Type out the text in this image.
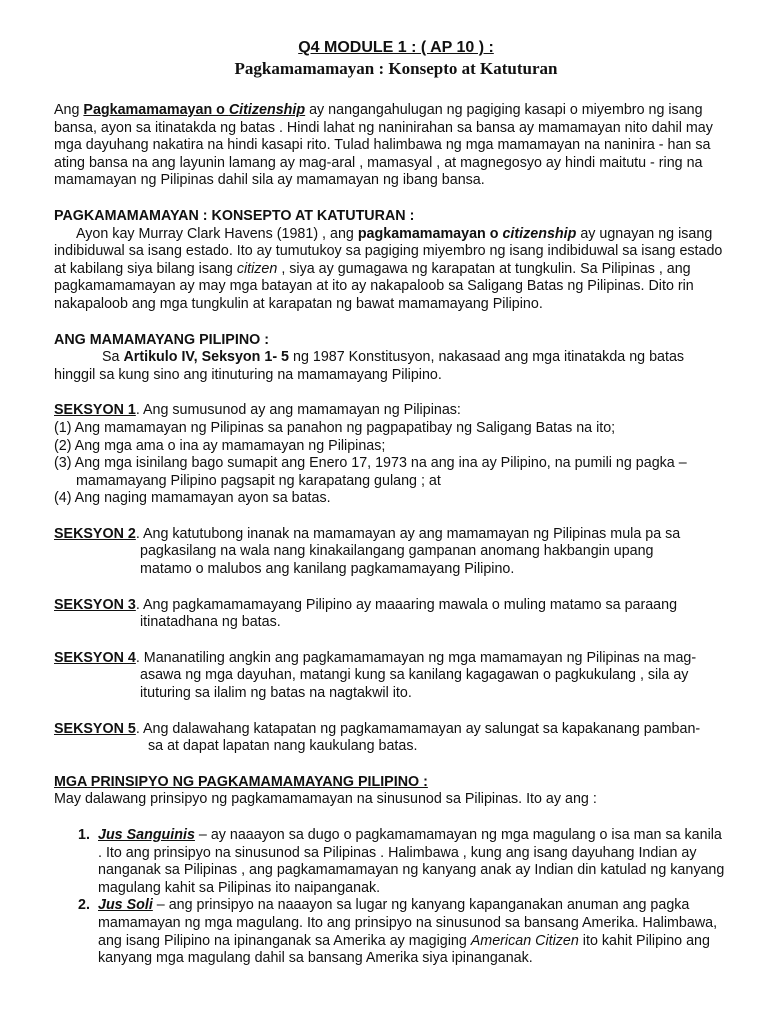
Q4 MODULE 1 : ( AP 10 ) :

Pagkamamamayan : Konsepto at Katuturan

Ang Pagkamamamayan o Citizenship ay nangangahulugan ng pagiging kasapi o miyembro ng isang bansa, ayon sa itinatakda ng batas . Hindi lahat ng naninirahan sa bansa ay mamamayan nito dahil may mga dayuhang nakatira na hindi kasapi rito. Tulad halimbawa ng mga mamamayan na naninira - han sa ating bansa na ang layunin lamang ay mag-aral , mamasyal , at magnegosyo ay hindi maitutu - ring na mamamayan ng Pilipinas dahil sila ay mamamayan ng ibang bansa.

PAGKAMAMAMAYAN : KONSEPTO AT KATUTURAN :

Ayon kay Murray Clark Havens (1981) , ang pagkamamamayan o citizenship ay ugnayan ng isang indibiduwal sa isang estado. Ito ay tumutukoy sa pagiging miyembro ng isang indibiduwal sa isang estado at kabilang siya bilang isang citizen , siya ay gumagawa ng karapatan at tungkulin. Sa Pilipinas , ang pagkamamamayan ay may mga batayan at ito ay nakapaloob sa Saligang Batas ng Pilipinas. Dito rin nakapaloob ang mga tungkulin at karapatan ng bawat mamamayang Pilipino.

ANG MAMAMAYANG PILIPINO :

Sa Artikulo IV, Seksyon 1- 5 ng 1987 Konstitusyon, nakasaad ang mga itinatakda ng batas hinggil sa kung sino ang itinuturing na mamamayang Pilipino.

SEKSYON 1. Ang sumusunod ay ang mamamayan ng Pilipinas:

(1) Ang mamamayan ng Pilipinas sa panahon ng pagpapatibay ng Saligang Batas na ito;

(2) Ang mga ama o ina ay mamamayan ng Pilipinas;

(3) Ang mga isinilang bago sumapit ang Enero 17, 1973 na ang ina ay Pilipino, na pumili ng pagka –

mamamayang Pilipino pagsapit ng karapatang gulang ; at

(4) Ang naging mamamayan ayon sa batas.

SEKSYON 2. Ang katutubong inanak na mamamayan ay ang mamamayan ng Pilipinas mula pa sa

pagkasilang na wala nang kinakailangang gampanan anomang hakbangin upang

matamo o malubos ang kanilang pagkamamayang Pilipino.

SEKSYON 3. Ang pagkamamamayang Pilipino ay maaaring mawala o muling matamo sa paraang

itinatadhana ng batas.

SEKSYON 4. Mananatiling angkin ang pagkamamamayan ng mga mamamayan ng Pilipinas na mag-

asawa ng mga dayuhan, matangi kung sa kanilang kagagawan o pagkukulang , sila ay

ituturing sa ilalim ng batas na nagtakwil ito.

SEKSYON 5. Ang dalawahang katapatan ng pagkamamamayan ay salungat sa kapakanang pamban-

sa at dapat lapatan nang kaukulang batas.

MGA PRINSIPYO NG PAGKAMAMAMAYANG PILIPINO :

May dalawang prinsipyo ng pagkamamamayan na sinusunod sa Pilipinas. Ito ay ang :

1. Jus Sanguinis – ay naaayon sa dugo o pagkamamamayan ng mga magulang o isa man sa kanila . Ito ang prinsipyo na sinusunod sa Pilipinas . Halimbawa , kung ang isang dayuhang Indian ay nanganak sa Pilipinas , ang pagkamamamayan ng kanyang anak ay Indian din katulad ng kanyang magulang kahit sa Pilipinas ito naipanganak.
2. Jus Soli – ang prinsipyo na naaayon sa lugar ng kanyang kapanganakan anuman ang pagka mamamayan ng mga magulang. Ito ang prinsipyo na sinusunod sa bansang Amerika. Halimbawa, ang isang Pilipino na ipinanganak sa Amerika ay magiging American Citizen ito kahit Pilipino ang kanyang mga magulang dahil sa bansang Amerika siya ipinanganak.
